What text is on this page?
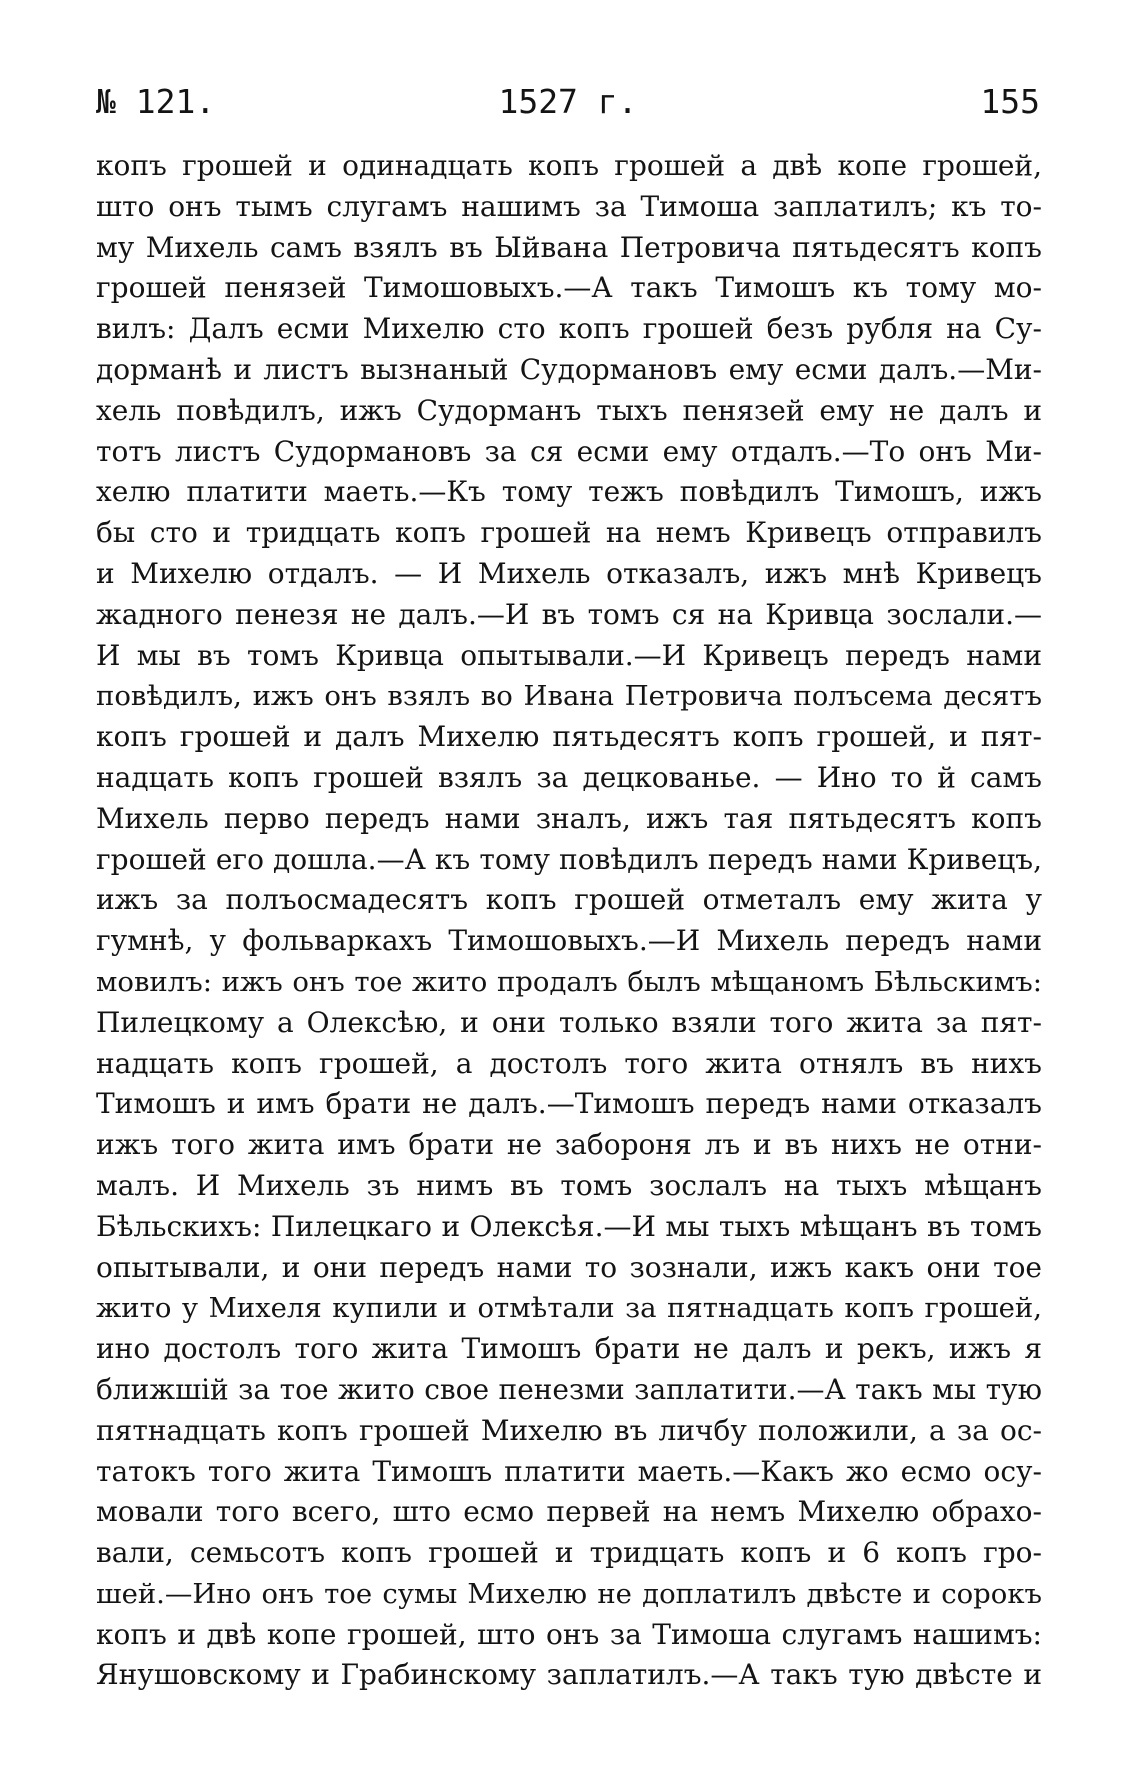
№ 121.	1527 г.	155
копъ грошей и одинадцать копъ грошей а двѣ копе грошей,
што онъ тымъ слугамъ нашимъ за Тимоша заплатилъ; къ то-
му Михель самъ взялъ въ Ыйвана Петровича пятьдесятъ копъ
грошей пенязей Тимошовыхъ.—А такъ Тимошъ къ тому мо-
вилъ: Далъ есми Михелю сто копъ грошей безъ рубля на Су-
дорманѣ и листъ вызнаный Судормановъ ему есми далъ.—Ми-
хель повѣдилъ, ижъ Судорманъ тыхъ пенязей ему не далъ и
тотъ листъ Судормановъ за ся есми ему отдалъ.—То онъ Ми-
хелю платити маеть.—Къ тому тежъ повѣдилъ Тимошъ, ижъ
бы сто и тридцать копъ грошей на немъ Кривецъ отправилъ
и Михелю отдалъ. — И Михель отказалъ, ижъ мнѣ Кривецъ
жадного пенезя не далъ.—И въ томъ ся на Кривца зослали.—
И мы въ томъ Кривца опытывали.—И Кривецъ передъ нами
повѣдилъ, ижъ онъ взялъ во Ивана Петровича полъсема десятъ
копъ грошей и далъ Михелю пятьдесятъ копъ грошей, и пят-
надцать копъ грошей взялъ за децкованье. — Ино то й самъ
Михель перво передъ нами зналъ, ижъ тая пятьдесятъ копъ
грошей его дошла.—А къ тому повѣдилъ передъ нами Кривецъ,
ижъ за полъосмадесятъ копъ грошей отметалъ ему жита у
гумнѣ, у фольваркахъ Тимошовыхъ.—И Михель передъ нами
мовилъ: ижъ онъ тое жито продалъ былъ мѣщаномъ Бѣльскимъ:
Пилецкому а Олексѣю, и они только взяли того жита за пят-
надцать копъ грошей, а достолъ того жита отнялъ въ нихъ
Тимошъ и имъ брати не далъ.—Тимошъ передъ нами отказалъ
ижъ того жита имъ брати не забороня лъ и въ нихъ не отни-
малъ. И Михель зъ нимъ въ томъ зослалъ на тыхъ мѣщанъ
Бѣльскихъ: Пилецкаго и Олексѣя.—И мы тыхъ мѣщанъ въ томъ
опытывали, и они передъ нами то зознали, ижъ какъ они тое
жито у Михеля купили и отмѣтали за пятнадцать копъ грошей,
ино достолъ того жита Тимошъ брати не далъ и рекъ, ижъ я
ближшій за тое жито свое пенезми заплатити.—А такъ мы тую
пятнадцать копъ грошей Михелю въ личбу положили, а за ос-
татокъ того жита Тимошъ платити маеть.—Какъ жо есмо осу-
мовали того всего, што есмо первей на немъ Михелю обрахо-
вали, семьсотъ копъ грошей и тридцать копъ и 6 копъ гро-
шей.—Ино онъ тое сумы Михелю не доплатилъ двѣсте и сорокъ
копъ и двѣ копе грошей, што онъ за Тимоша слугамъ нашимъ:
Янушовскому и Грабинскому заплатилъ.—А такъ тую двѣсте и
